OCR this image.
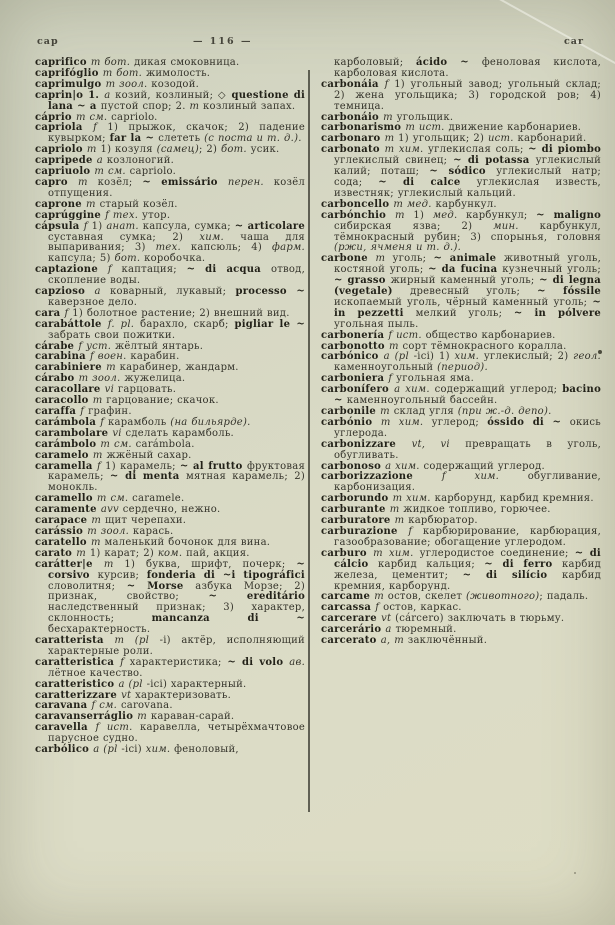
cap	— 116 —	car
caprifico m бот. дикая смоковница.
caprifóglio m бот. жимолость.
caprimulgo m зоол. козодой.
caprin|o 1. a козий, козлиный; ◇ questione di lana ~ a пустой спор; 2. m козлиный запах.
cáprio m см. capriolo.
capriola f 1) прыжок, скачок; 2) падение кувырком; far la ~ слететь (с поста и т. д.).
capriolo m 1) козуля (самец); 2) бот. усик.
capripede a козлоногий.
capriuolo m см. capriolo.
capro m козёл; ~ emissário перен. козёл отпущения.
caprone m старый козёл.
caprúggine f тех. утор.
cápsula f 1) анат. капсула, сумка; ~ articolare суставная сумка; 2) хим. чаша для выпаривания; 3) тех. капсюль; 4) фарм. капсула; 5) бот. коробочка.
captazione f каптация; ~ di acqua отвод, скопление воды.
capzioso a коварный, лукавый; processo ~ каверзное дело.
cara f 1) болотное растение; 2) внешний вид.
carabáttole f. pl. барахло, скарб; pigliar le ~ забрать свои пожитки.
cárabe f уст. жёлтый янтарь.
carabina f воен. карабин.
carabiniere m карабинер, жандарм.
cárabo m зоол. жужелица.
caracollare vi гарцовать.
caracollo m гарцование; скачок.
caraffa f графин.
carámbola f карамболь (на бильярде).
carambolare vi сделать карамболь.
carámbolo m см. carámbola.
caramelo m жжёный сахар.
caramella f 1) карамель; ~ al frutto фруктовая карамель; ~ di menta мятная карамель; 2) монокль.
caramello m см. caramele.
caramente avv сердечно, нежно.
carapace m щит черепахи.
carássio m зоол. карась.
caratello m маленький бочонок для вина.
carato m 1) карат; 2) ком. пай, акция.
carátter|e m 1) буква, шрифт, почерк; ~ corsivo курсив; fonderia di ~i tipográfici словолитня; ~ Morse азбука Морзе; 2) признак, свойство; ~ ereditário наследственный признак; 3) характер, склонность; mancanza di ~ бесхарактерность.
caratterista m (pl -i) актёр, исполняющий характерные роли.
caratteristica f характеристика; ~ di volo ав. лётное качество.
caratteristico a (pl -ici) характерный.
caratterizzare vt характеризовать.
caravana f см. carovana.
caravanserráglio m караван-сарай.
caravella f ист. каравелла, четырёхмачтовое парусное судно.
carbólico a (pl -ici) хим. феноловый,
карболовый; ácido ~ феноловая кислота, карболовая кислота.
carbonáia f 1) угольный завод; угольный склад; 2) жена угольщика; 3) городской ров; 4) темница.
carbonáio m угольщик.
carbonarismo m ист. движение карбонариев.
carbonaro m 1) угольщик; 2) ист. карбонарий.
carbonato m хим. углекислая соль; ~ di piombo углекислый свинец; ~ di potassa углекислый калий; поташ; ~ sódico углекислый натр; сода; ~ di calce углекислая известь, известняк; углекислый кальций.
carboncello m мед. карбункул.
carbónchio m 1) мед. карбункул; ~ maligno сибирская язва; 2) мин. карбункул, тёмнокрасный рубин; 3) спорынья, головня (ржи, ячменя и т. д.).
carbone m уголь; ~ animale животный уголь, костяной уголь; ~ da fucina кузнечный уголь; ~ grasso жирный каменный уголь; ~ di legna (vegetale) древесный уголь; ~ fóssile ископаемый уголь, чёрный каменный уголь; ~ in pezzetti мелкий уголь; ~ in pólvere угольная пыль.
carbonería f ист. общество карбонариев.
carbonotto m сорт тёмнокрасного коралла.
carbónico a (pl -ici) 1) хим. углекислый; 2) геол. каменноугольный (период).
carboniera f угольная яма.
carbonífero a хим. содержащий углерод; bacino ~ каменноугольный бассейн.
carbonile m склад угля (при ж.-д. депо).
carbónio m хим. углерод; óssido di ~ окись углерода.
carbonizzare vt, vi превращать в уголь, обугливать.
carbonoso a хим. содержащий углерод.
carborizzazione f хим. обугливание, карбонизация.
carborundo m хим. карборунд, карбид кремния.
carburante m жидкое топливо, горючее.
carburatore m карбюратор.
carburazione f карбюрирование, карбюрация, газообразование; обогащение углеродом.
carburo m хим. углеродистое соединение; ~ di cálcio карбид кальция; ~ di ferro карбид железа, цементит; ~ di silício карбид кремния, карборунд.
carcame m остов, скелет (животного); падаль.
carcassa f остов, каркас.
carcerare vt (cárcero) заключать в тюрьму.
carcerário a тюремный.
carcerato a, m заключённый.
